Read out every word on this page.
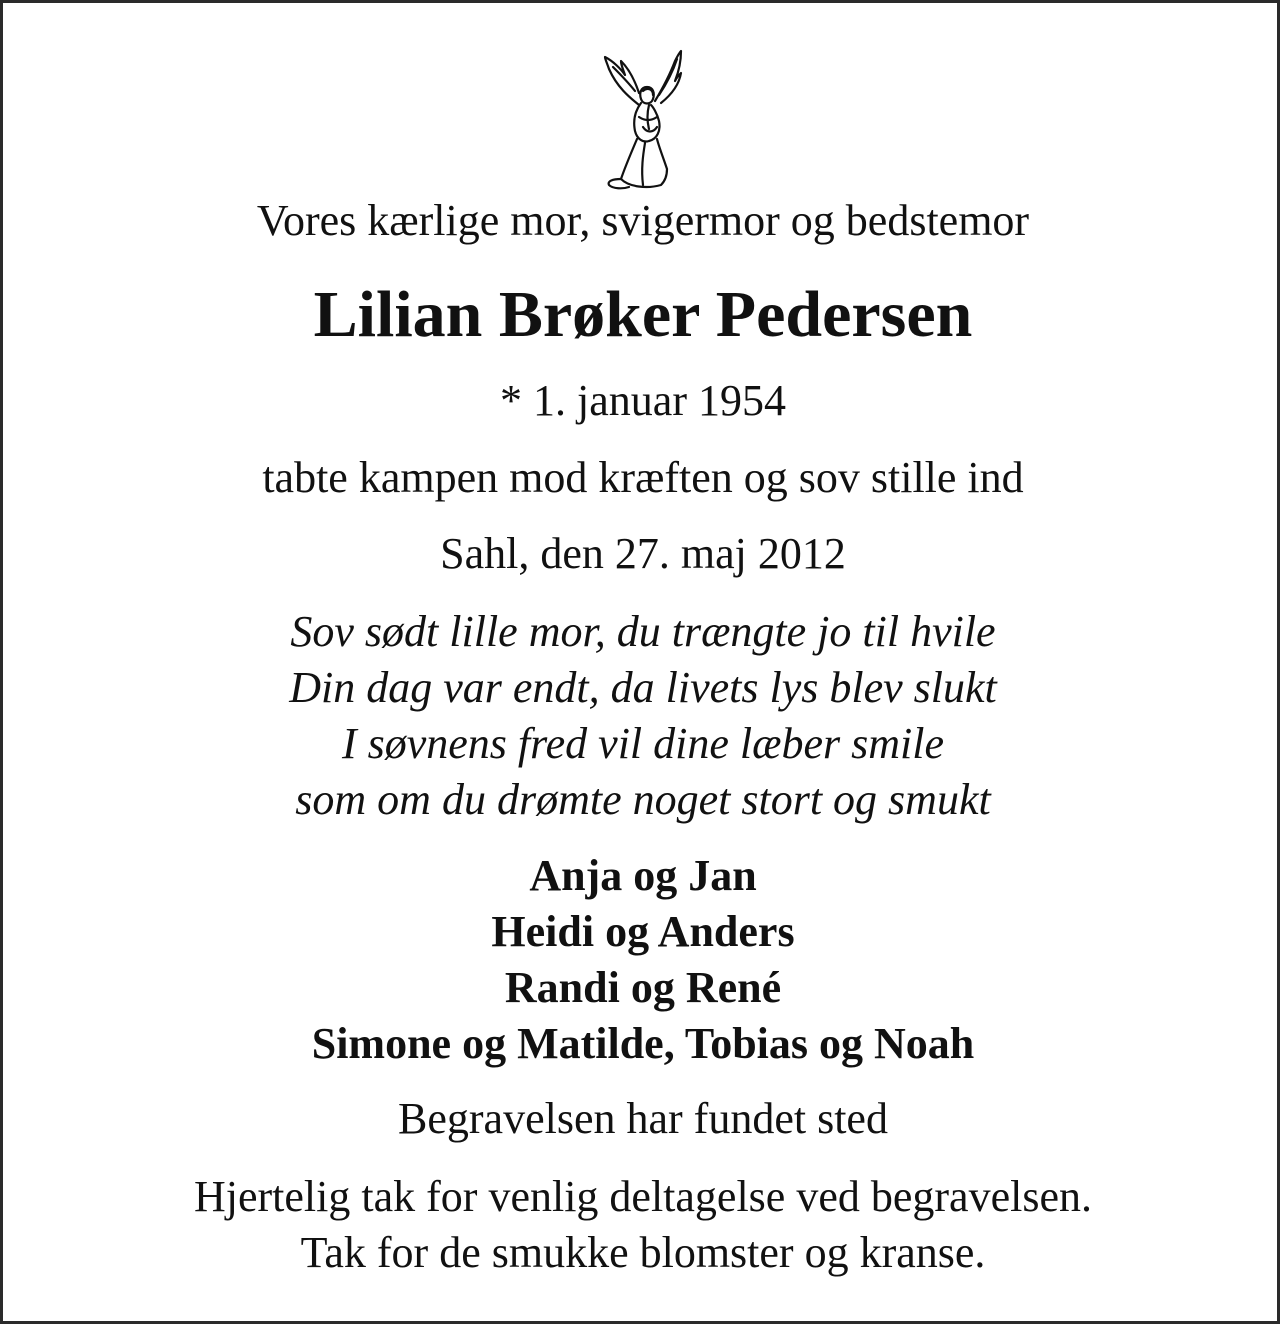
Vores kærlige mor, svigermor og bedstemor

Lilian Brøker Pedersen

* 1. januar 1954

tabte kampen mod kræften og sov stille ind

Sahl, den 27. maj 2012

Sov sødt lille mor, du trængte jo til hvile
Din dag var endt, da livets lys blev slukt
I søvnens fred vil dine læber smile
som om du drømte noget stort og smukt
Anja og Jan
Heidi og Anders
Randi og René
Simone og Matilde, Tobias og Noah

Begravelsen har fundet sted

Hjertelig tak for venlig deltagelse ved begravelsen.
Tak for de smukke blomster og kranse.
